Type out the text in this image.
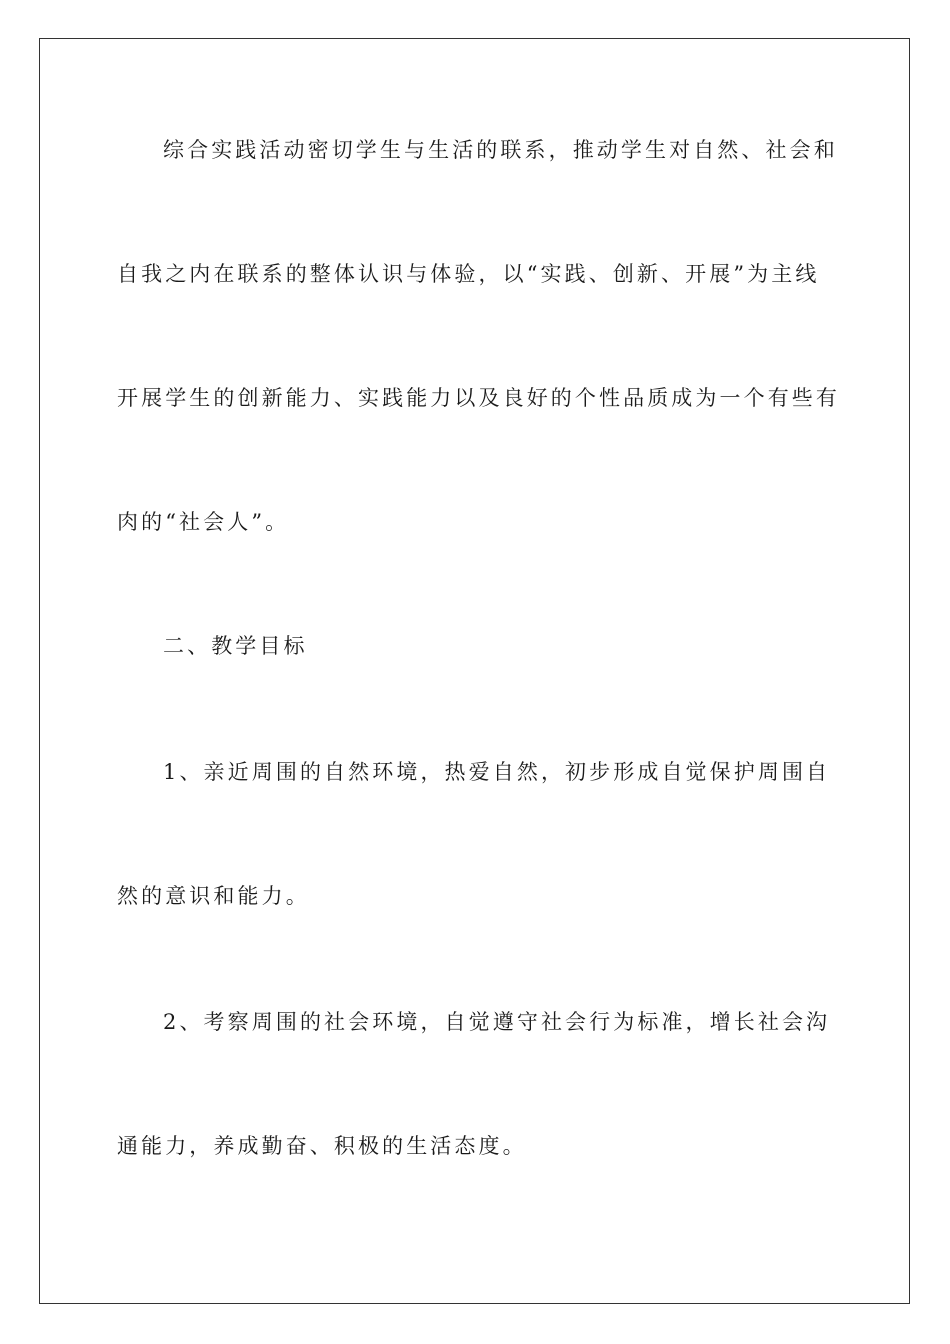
综合实践活动密切学生与生活的联系，推动学生对自然、社会和
自我之内在联系的整体认识与体验，以“实践、创新、开展”为主线
开展学生的创新能力、实践能力以及良好的个性品质成为一个有些有
肉的“社会人”。
二、教学目标
1、亲近周围的自然环境，热爱自然，初步形成自觉保护周围自
然的意识和能力。
2、考察周围的社会环境，自觉遵守社会行为标准，增长社会沟
通能力，养成勤奋、积极的生活态度。
